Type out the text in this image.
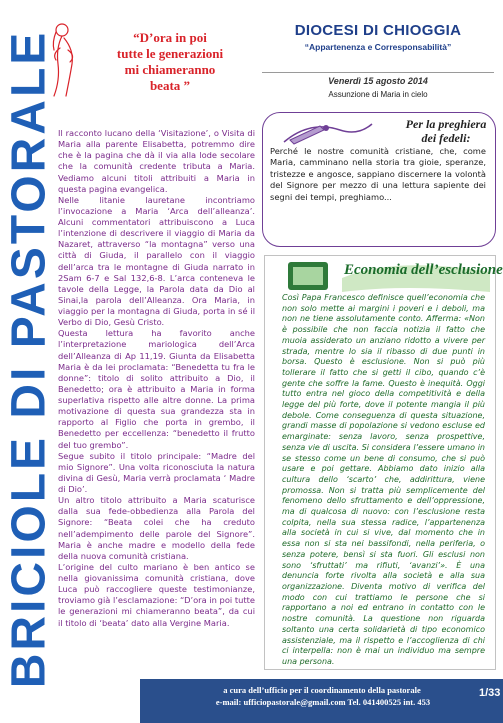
BRICIOLE DI PASTORALE	“D’ora in poi
tutte le generazioni
mi chiameranno
beata ”

Il racconto lucano della ‘Visitazione’, o Visita di Maria alla parente Elisabetta, potremmo dire che è la pagina che dà il via alla lode secolare che la comunità credente tributa a Maria. Vediamo alcuni titoli attribuiti a Maria in questa pagina evangelica.

Nelle litanie lauretane incontriamo l’invocazione a Maria ‘Arca dell’alleanza’. Alcuni commentatori attribuiscono a Luca l’intenzione di descrivere il viaggio di Maria da Nazaret, attraverso “la montagna” verso una città di Giuda, il parallelo con il viaggio dell’arca tra le montagne di Giuda narrato in 2Sam 6-7 e Sal 132,6-8. L’arca conteneva le tavole della Legge, la Parola data da Dio al Sinai,la parola dell’Alleanza. Ora Maria, in viaggio per la montagna di Giuda, porta in sé il Verbo di Dio, Gesù Cristo.

Questa lettura ha favorito anche l’interpretazione mariologica dell’Arca dell’Alleanza di Ap 11,19. Giunta da Elisabetta Maria è da lei proclamata: “Benedetta tu fra le donne”: titolo di solito attribuito a Dio, il Benedetto; ora è attribuito a Maria in forma superlativa rispetto alle altre donne. La prima motivazione di questa sua grandezza sta in rapporto al Figlio che porta in grembo, il Benedetto per eccellenza: “benedetto il frutto del tuo grembo”.

Segue subito il titolo principale: “Madre del mio Signore”. Una volta riconosciuta la natura divina di Gesù, Maria verrà proclamata ‘ Madre di Dio’.

Un altro titolo attribuito a Maria scaturisce dalla sua fede-obbedienza alla Parola del Signore: “Beata colei che ha creduto nell’adempimento delle parole del Signore”. Maria è anche madre e modello della fede della nuova comunità cristiana.

L’origine del culto mariano è ben antico se nella giovanissima comunità cristiana, dove Luca può raccogliere queste testimonianze, troviamo già l’esclamazione: “D’ora in poi tutte le generazioni mi chiameranno beata”, da cui il titolo di ‘beata’ dato alla Vergine Maria.

DIOCESI DI CHIOGGIA
“Appartenenza e Corresponsabilità”
Venerdì 15 agosto 2014
Assunzione di Maria in cielo
Per la preghiera
dei fedeli:
Perché le nostre comunità cristiane, che, come Maria, camminano nella storia tra gioie, speranze, tristezze e angosce, sappiano discernere la volontà del Signore per mezzo di una lettura sapiente dei segni dei tempi, preghiamo...
Economia dell’esclusione
Così Papa Francesco definisce quell’economia che non solo mette ai margini i poveri e i deboli, ma non ne tiene assolutamente conto. Afferma: «Non è possibile che non faccia notizia il fatto che muoia assiderato un anziano ridotto a vivere per strada, mentre lo sia il ribasso di due punti in borsa. Questo è esclusione. Non si può più tollerare il fatto che si getti il cibo, quando c’è gente che soffre la fame. Questo è inequità. Oggi tutto entra nel gioco della competitività e della legge del più forte, dove il potente mangia il più debole. Come conseguenza di questa situazione, grandi masse di popolazione si vedono escluse ed emarginate: senza lavoro, senza prospettive, senza vie di uscita. Si considera l’essere umano in se stesso come un bene di consumo, che si può usare e poi gettare. Abbiamo dato inizio alla cultura dello ‘scarto’ che, addirittura, viene promossa. Non si tratta più semplicemente del fenomeno dello sfruttamento e dell’oppressione, ma di qualcosa di nuovo: con l’esclusione resta colpita, nella sua stessa radice, l’appartenenza alla società in cui si vive, dal momento che in essa non si sta nei bassifondi, nella periferia, o senza potere, bensì si sta fuori. Gli esclusi non sono ‘sfruttati’ ma rifiuti, ‘avanzi’». È una denuncia forte rivolta alla società e alla sua organizzazione. Diventa motivo di verifica del modo con cui trattiamo le persone che si rapportano a noi ed entrano in contatto con le nostre comunità. La questione non riguarda soltanto una certa solidarietà di tipo economico assistenziale, ma il rispetto e l’accoglienza di chi ci interpella: non è mai un individuo ma sempre una persona.
a cura dell’ufficio per il coordinamento della pastorale
e-mail: ufficiopastorale@gmail.com Tel. 041400525 int. 453
1/33
